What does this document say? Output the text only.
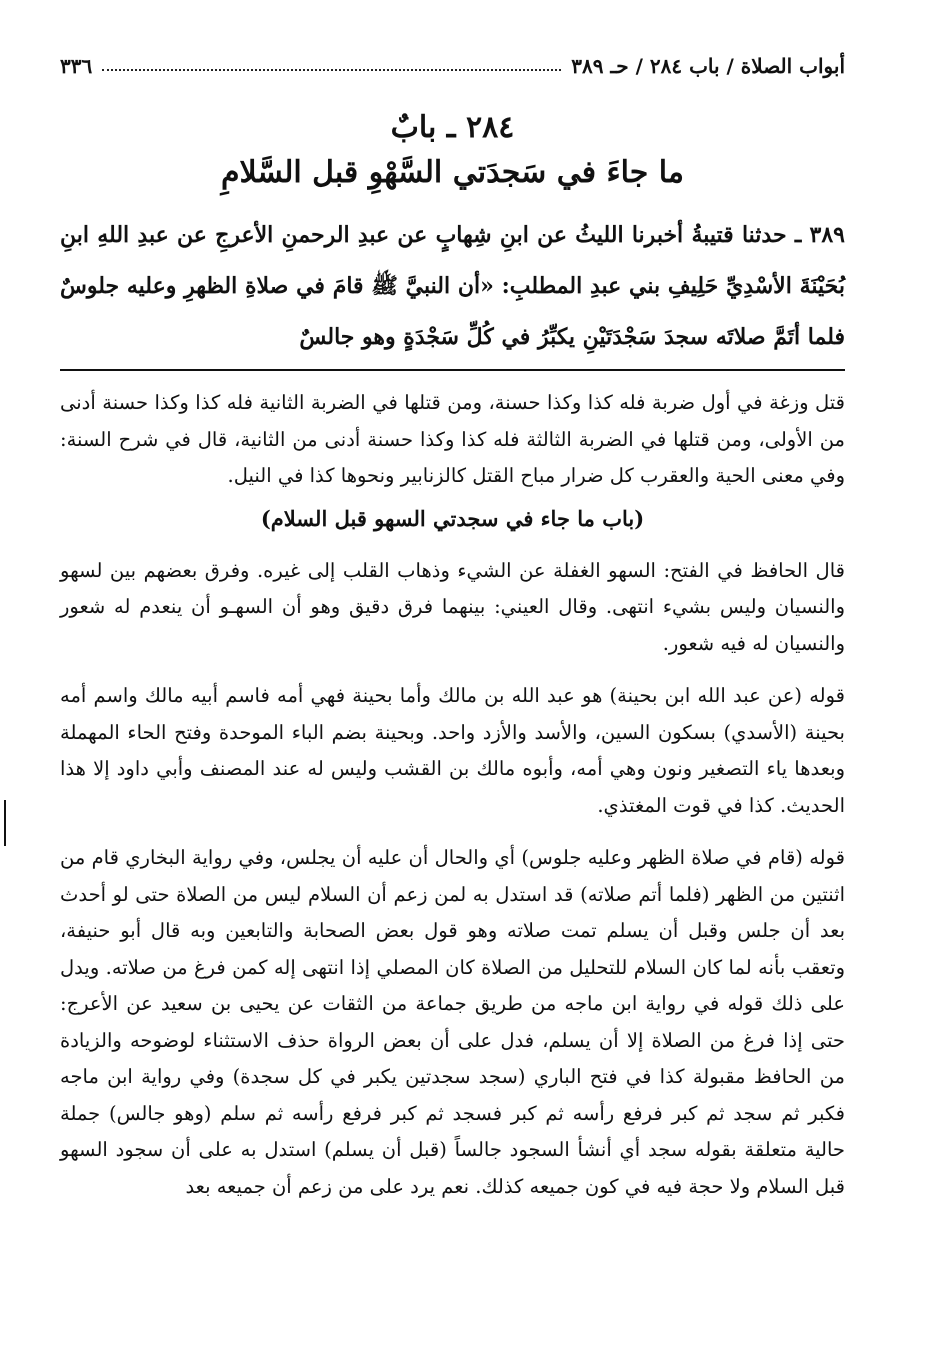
أبواب الصلاة / باب ٢٨٤ / حـ ٣٨٩
٣٣٦
٢٨٤ ـ بابٌ
ما جاءَ في سَجدَتي السَّهْوِ قبل السَّلامِ
٣٨٩ ـ حدثنا قتيبةُ أخبرنا الليثُ عن ابنِ شِهابٍ عن عبدِ الرحمنِ الأعرجِ عن عبدِ اللهِ ابنِ بُحَيْنَةَ الأسْدِيِّ حَلِيفِ بني عبدِ المطلبِ: «أن النبيَّ ﷺ قامَ في صلاةِ الظهرِ وعليه جلوسٌ فلما أتَمَّ صلاتَه سجدَ سَجْدَتَيْنِ يكبِّرُ في كُلِّ سَجْدَةٍ وهو جالسٌ

قتل وزغة في أول ضربة فله كذا وكذا حسنة، ومن قتلها في الضربة الثانية فله كذا وكذا حسنة أدنى من الأولى، ومن قتلها في الضربة الثالثة فله كذا وكذا حسنة أدنى من الثانية، قال في شرح السنة: وفي معنى الحية والعقرب كل ضرار مباح القتل كالزنابير ونحوها كذا في النيل.

(باب ما جاء في سجدتي السهو قبل السلام)

قال الحافظ في الفتح: السهو الغفلة عن الشيء وذهاب القلب إلى غيره. وفرق بعضهم بين لسهو والنسيان وليس بشيء انتهى. وقال العيني: بينهما فرق دقيق وهو أن السهـو أن ينعدم له شعور والنسيان له فيه شعور.

قوله (عن عبد الله ابن بحينة) هو عبد الله بن مالك وأما بحينة فهي أمه فاسم أبيه مالك واسم أمه بحينة (الأسدي) بسكون السين، والأسد والأزد واحد. وبحينة بضم الباء الموحدة وفتح الحاء المهملة وبعدها ياء التصغير ونون وهي أمه، وأبوه مالك بن القشب وليس له عند المصنف وأبي داود إلا هذا الحديث. كذا في قوت المغتذي.

قوله (قام في صلاة الظهر وعليه جلوس) أي والحال أن عليه أن يجلس، وفي رواية البخاري قام من اثنتين من الظهر (فلما أتم صلاته) قد استدل به لمن زعم أن السلام ليس من الصلاة حتى لو أحدث بعد أن جلس وقبل أن يسلم تمت صلاته وهو قول بعض الصحابة والتابعين وبه قال أبو حنيفة، وتعقب بأنه لما كان السلام للتحليل من الصلاة كان المصلي إذا انتهى إله كمن فرغ من صلاته. ويدل على ذلك قوله في رواية ابن ماجه من طريق جماعة من الثقات عن يحيى بن سعيد عن الأعرج: حتى إذا فرغ من الصلاة إلا أن يسلم، فدل على أن بعض الرواة حذف الاستثناء لوضوحه والزيادة من الحافظ مقبولة كذا في فتح الباري (سجد سجدتين يكبر في كل سجدة) وفي رواية ابن ماجه فكبر ثم سجد ثم كبر فرفع رأسه ثم كبر فسجد ثم كبر فرفع رأسه ثم سلم (وهو جالس) جملة حالية متعلقة بقوله سجد أي أنشأ السجود جالساً (قبل أن يسلم) استدل به على أن سجود السهو قبل السلام ولا حجة فيه في كون جميعه كذلك. نعم يرد على من زعم أن جميعه بعد
